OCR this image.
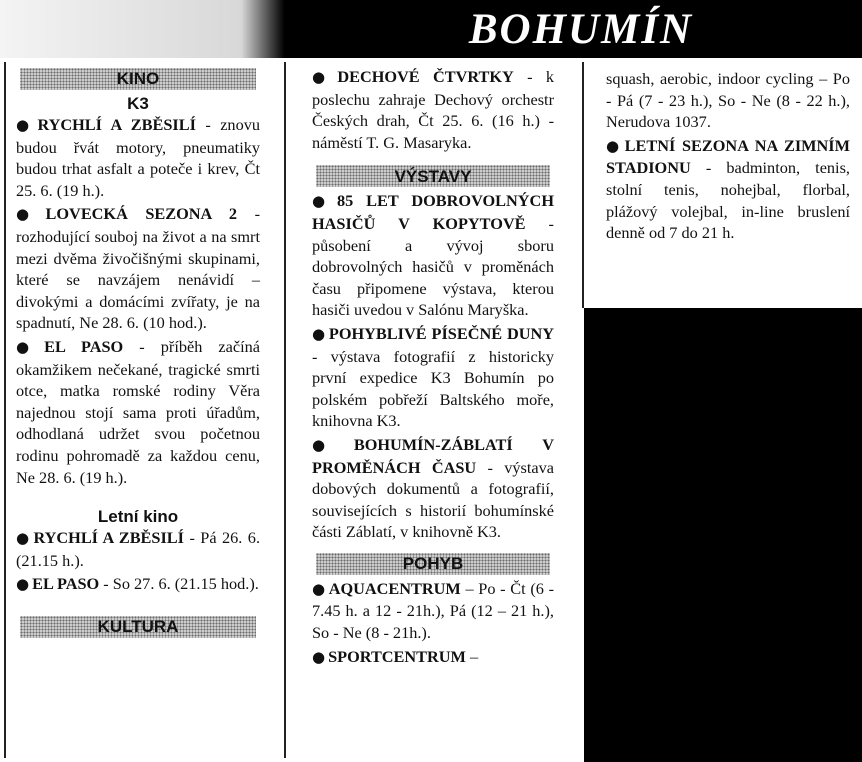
BOHUMÍN
KINO
K3

● RYCHLÍ A ZBĚSILÍ - znovu budou řvát motory, pneumatiky budou trhat asfalt a poteče i krev, Čt 25. 6. (19 h.).

● LOVECKÁ SEZONA 2 - rozhodující souboj na život a na smrt mezi dvěma živočišnými skupinami, které se navzájem nenávidí – divokými a domácími zvířaty, je na spadnutí, Ne 28. 6. (10 hod.).

● EL PASO - příběh začíná okamžikem nečekané, tragické smrti otce, matka romské rodiny Věra najednou stojí sama proti úřadům, odhodlaná udržet svou početnou rodinu pohromadě za každou cenu, Ne 28. 6. (19 h.).

Letní kino

● RYCHLÍ A ZBĚSILÍ - Pá 26. 6. (21.15 h.).

● EL PASO - So 27. 6. (21.15 hod.).

KULTURA

● DECHOVÉ ČTVRTKY - k poslechu zahraje Dechový orchestr Českých drah, Čt 25. 6. (16 h.) - náměstí T. G. Masaryka.

VÝSTAVY

● 85 LET DOBROVOLNÝCH HASIČŮ V KOPYTOVĚ - působení a vývoj sboru dobrovolných hasičů v proměnách času připomene výstava, kterou hasiči uvedou v Salónu Maryška.

● POHYBLIVÉ PÍSEČNÉ DUNY - výstava fotografií z historicky první expedice K3 Bohumín po polském pobřeží Baltského moře, knihovna K3.

● BOHUMÍN-ZÁBLATÍ V PROMĚNÁCH ČASU - výstava dobových dokumentů a fotografií, souvisejících s historií bohumínské části Záblatí, v knihovně K3.

POHYB

● AQUACENTRUM – Po - Čt (6 - 7.45 h. a 12 - 21h.), Pá (12 – 21 h.), So - Ne (8 - 21h.).

● SPORTCENTRUM –

squash, aerobic, indoor cycling – Po - Pá (7 - 23 h.), So - Ne (8 - 22 h.), Nerudova 1037.

● LETNÍ SEZONA NA ZIMNÍM STADIONU - badminton, tenis, stolní tenis, nohejbal, florbal, plážový volejbal, in-line bruslení denně od 7 do 21 h.
